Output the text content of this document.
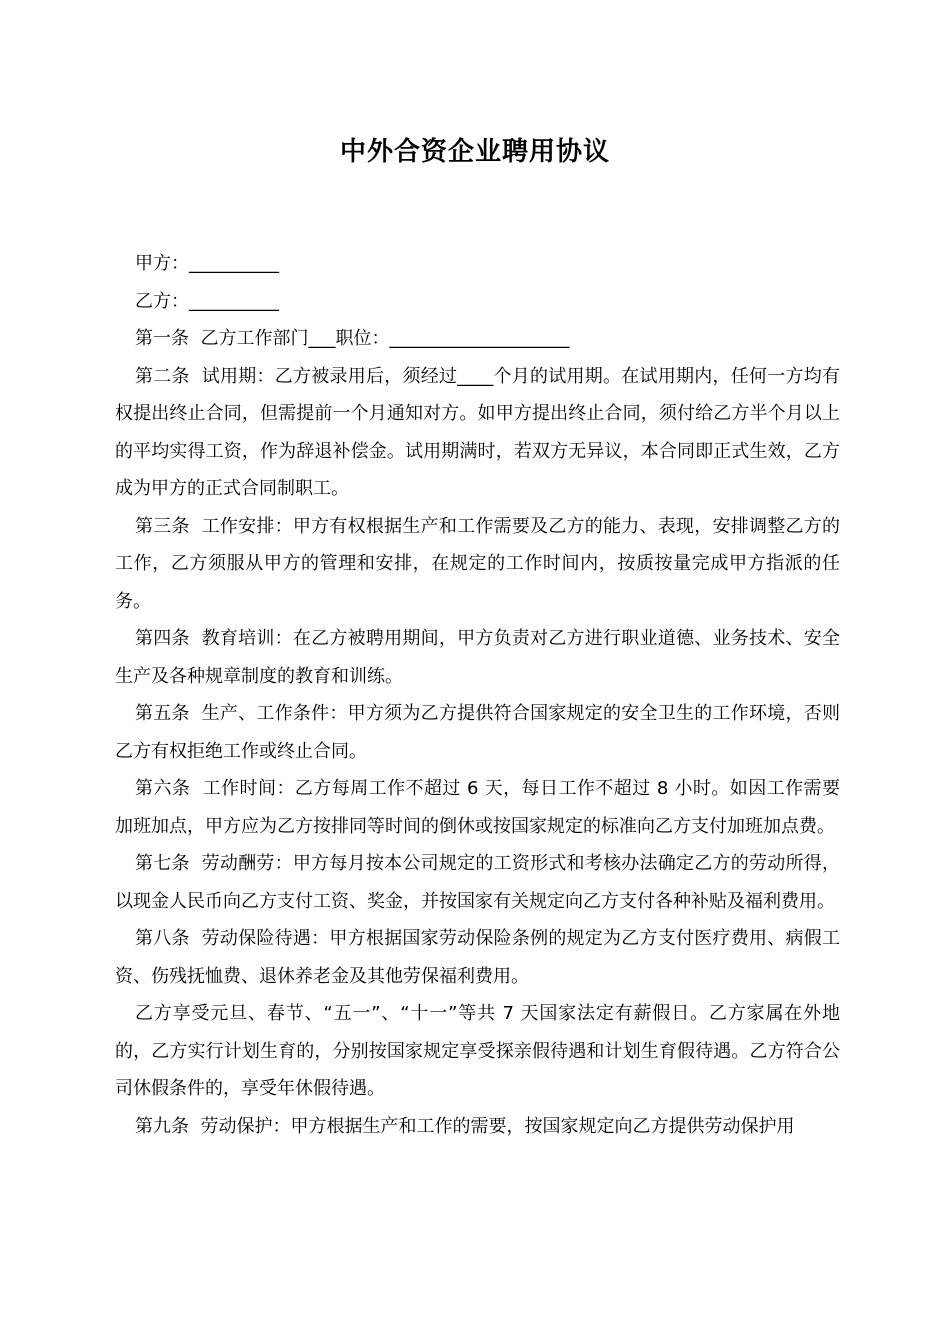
中外合资企业聘用协议

甲方：__________

乙方：__________

第一条  乙方工作部门___职位：____________________

第二条  试用期：乙方被录用后，须经过____个月的试用期。在试用期内，任何一方均有权提出终止合同，但需提前一个月通知对方。如甲方提出终止合同，须付给乙方半个月以上的平均实得工资，作为辞退补偿金。试用期满时，若双方无异议，本合同即正式生效，乙方成为甲方的正式合同制职工。

第三条  工作安排：甲方有权根据生产和工作需要及乙方的能力、表现，安排调整乙方的工作，乙方须服从甲方的管理和安排，在规定的工作时间内，按质按量完成甲方指派的任务。

第四条  教育培训：在乙方被聘用期间，甲方负责对乙方进行职业道德、业务技术、安全生产及各种规章制度的教育和训练。

第五条  生产、工作条件：甲方须为乙方提供符合国家规定的安全卫生的工作环境，否则乙方有权拒绝工作或终止合同。

第六条  工作时间：乙方每周工作不超过 6 天，每日工作不超过 8 小时。如因工作需要加班加点，甲方应为乙方按排同等时间的倒休或按国家规定的标准向乙方支付加班加点费。

第七条  劳动酬劳：甲方每月按本公司规定的工资形式和考核办法确定乙方的劳动所得，以现金人民币向乙方支付工资、奖金，并按国家有关规定向乙方支付各种补贴及福利费用。

第八条  劳动保险待遇：甲方根据国家劳动保险条例的规定为乙方支付医疗费用、病假工资、伤残抚恤费、退休养老金及其他劳保福利费用。

乙方享受元旦、春节、“五一”、“十一”等共 7 天国家法定有薪假日。乙方家属在外地的，乙方实行计划生育的，分别按国家规定享受探亲假待遇和计划生育假待遇。乙方符合公司休假条件的，享受年休假待遇。

第九条  劳动保护：甲方根据生产和工作的需要，按国家规定向乙方提供劳动保护用
